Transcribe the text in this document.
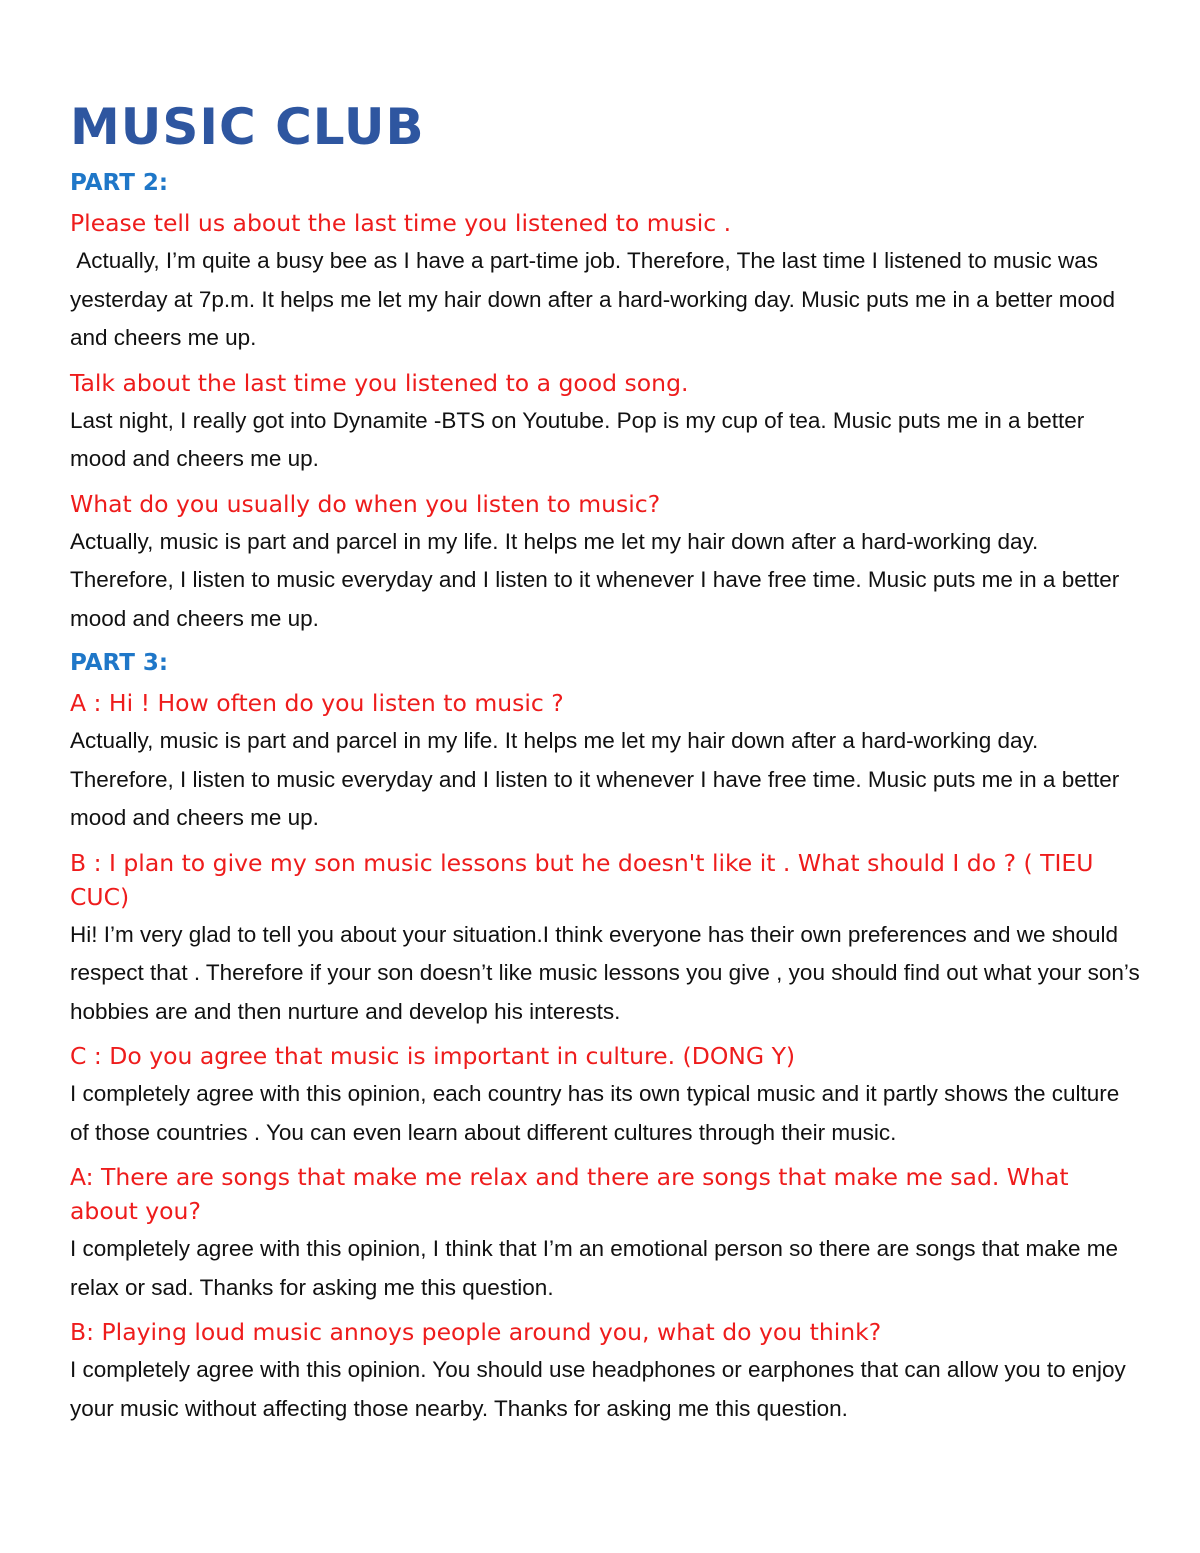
MUSIC CLUB
PART 2:
Please tell us about the last time you listened to music .

Actually, I’m quite a busy bee as I have a part-time job. Therefore, The last time I listened to music was yesterday at 7p.m. It helps me let my hair down after a hard-working day. Music puts me in a better mood and cheers me up.

Talk about the last time you listened to a good song.

Last night, I really got into Dynamite -BTS on Youtube. Pop is my cup of tea. Music puts me in a better mood and cheers me up.

What do you usually do when you listen to music?

Actually, music is part and parcel in my life. It helps me let my hair down after a hard-working day. Therefore, I listen to music everyday and I listen to it whenever I have free time. Music puts me in a better mood and cheers me up.

PART 3:
A : Hi ! How often do you listen to music ?

Actually, music is part and parcel in my life. It helps me let my hair down after a hard-working day. Therefore, I listen to music everyday and I listen to it whenever I have free time. Music puts me in a better mood and cheers me up.

B : I plan to give my son music lessons but he doesn't like it . What should I do ? ( TIEU CUC)

Hi! I’m very glad to tell you about your situation.I think everyone has their own preferences and we should respect that . Therefore if your son doesn’t like music lessons you give , you should find out what your son’s hobbies are and then nurture and develop his interests.

C : Do you agree that music is important in culture. (DONG Y)

I completely agree with this opinion, each country has its own typical music and it partly shows the culture of those countries . You can even learn about different cultures through their music.

A: There are songs that make me relax and there are songs that make me sad. What about you?

I completely agree with this opinion, I think that I’m an emotional person so there are songs that make me relax or sad. Thanks for asking me this question.

B: Playing loud music annoys people around you, what do you think?

I completely agree with this opinion. You should use headphones or earphones that can allow you to enjoy your music without affecting those nearby. Thanks for asking me this question.
